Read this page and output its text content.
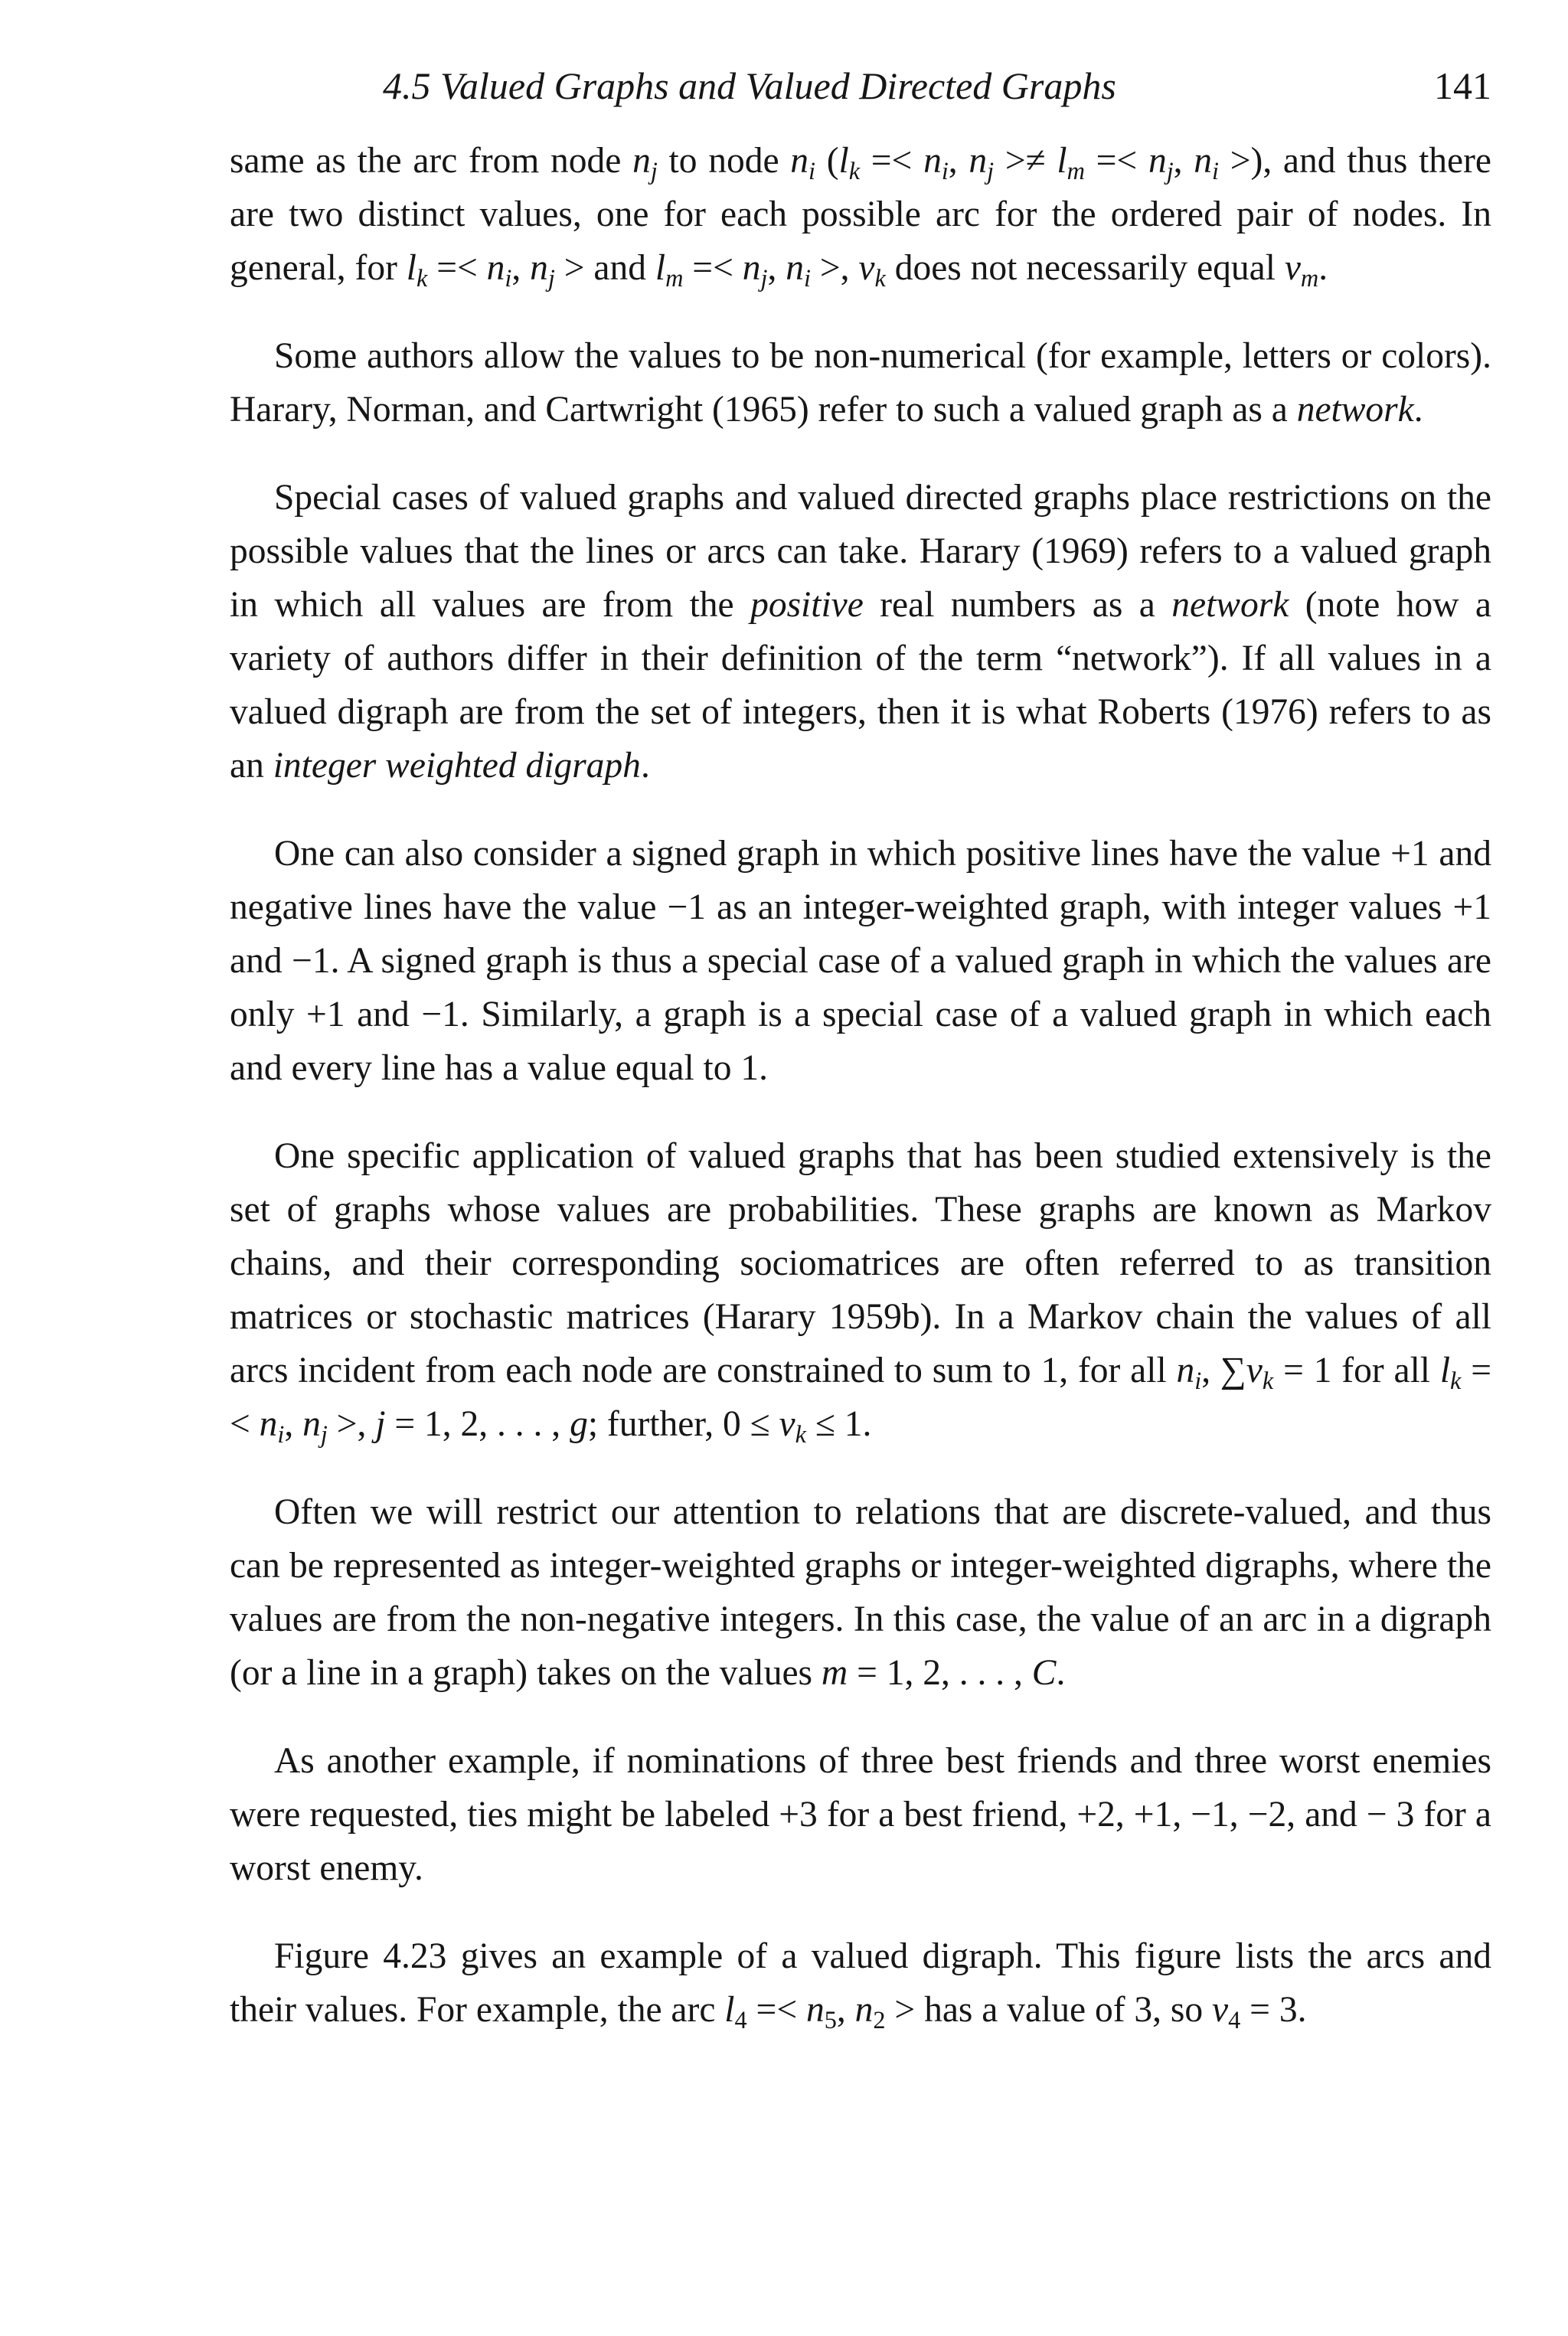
4.5 Valued Graphs and Valued Directed Graphs	141

same as the arc from node $n_j$ to node $n_i$ ($l_k =< n_i$, $n_j >\ne l_m =< n_j$, $n_i$ >), and thus there are two distinct values, one for each possible arc for the ordered pair of nodes. In general, for $l_k =< n_i$, $n_j$ > and $l_m =< n_j$, $n_i$ >, $v_k$ does not necessarily equal $v_m$.

Some authors allow the values to be non-numerical (for example, letters or colors). Harary, Norman, and Cartwright (1965) refer to such a valued graph as a network.

Special cases of valued graphs and valued directed graphs place restrictions on the possible values that the lines or arcs can take. Harary (1969) refers to a valued graph in which all values are from the positive real numbers as a network (note how a variety of authors differ in their definition of the term “network”). If all values in a valued digraph are from the set of integers, then it is what Roberts (1976) refers to as an integer weighted digraph.

One can also consider a signed graph in which positive lines have the value +1 and negative lines have the value −1 as an integer-weighted graph, with integer values +1 and −1. A signed graph is thus a special case of a valued graph in which the values are only +1 and −1. Similarly, a graph is a special case of a valued graph in which each and every line has a value equal to 1.

One specific application of valued graphs that has been studied extensively is the set of graphs whose values are probabilities. These graphs are known as Markov chains, and their corresponding sociomatrices are often referred to as transition matrices or stochastic matrices (Harary 1959b). In a Markov chain the values of all arcs incident from each node are constrained to sum to 1, for all $n_i$, $\sum v_k = 1$ for all $l_k =< n_i$, $n_j$ >, j = 1, 2, . . . , g; further, $0 \le v_k \le 1$.

Often we will restrict our attention to relations that are discrete-valued, and thus can be represented as integer-weighted graphs or integer-weighted digraphs, where the values are from the non-negative integers. In this case, the value of an arc in a digraph (or a line in a graph) takes on the values m = 1, 2, . . . , C.

As another example, if nominations of three best friends and three worst enemies were requested, ties might be labeled +3 for a best friend, +2, +1, −1, −2, and − 3 for a worst enemy.

Figure 4.23 gives an example of a valued digraph. This figure lists the arcs and their values. For example, the arc $l_4 =< n_5$, $n_2$ > has a value of 3, so $v_4 = 3$.
